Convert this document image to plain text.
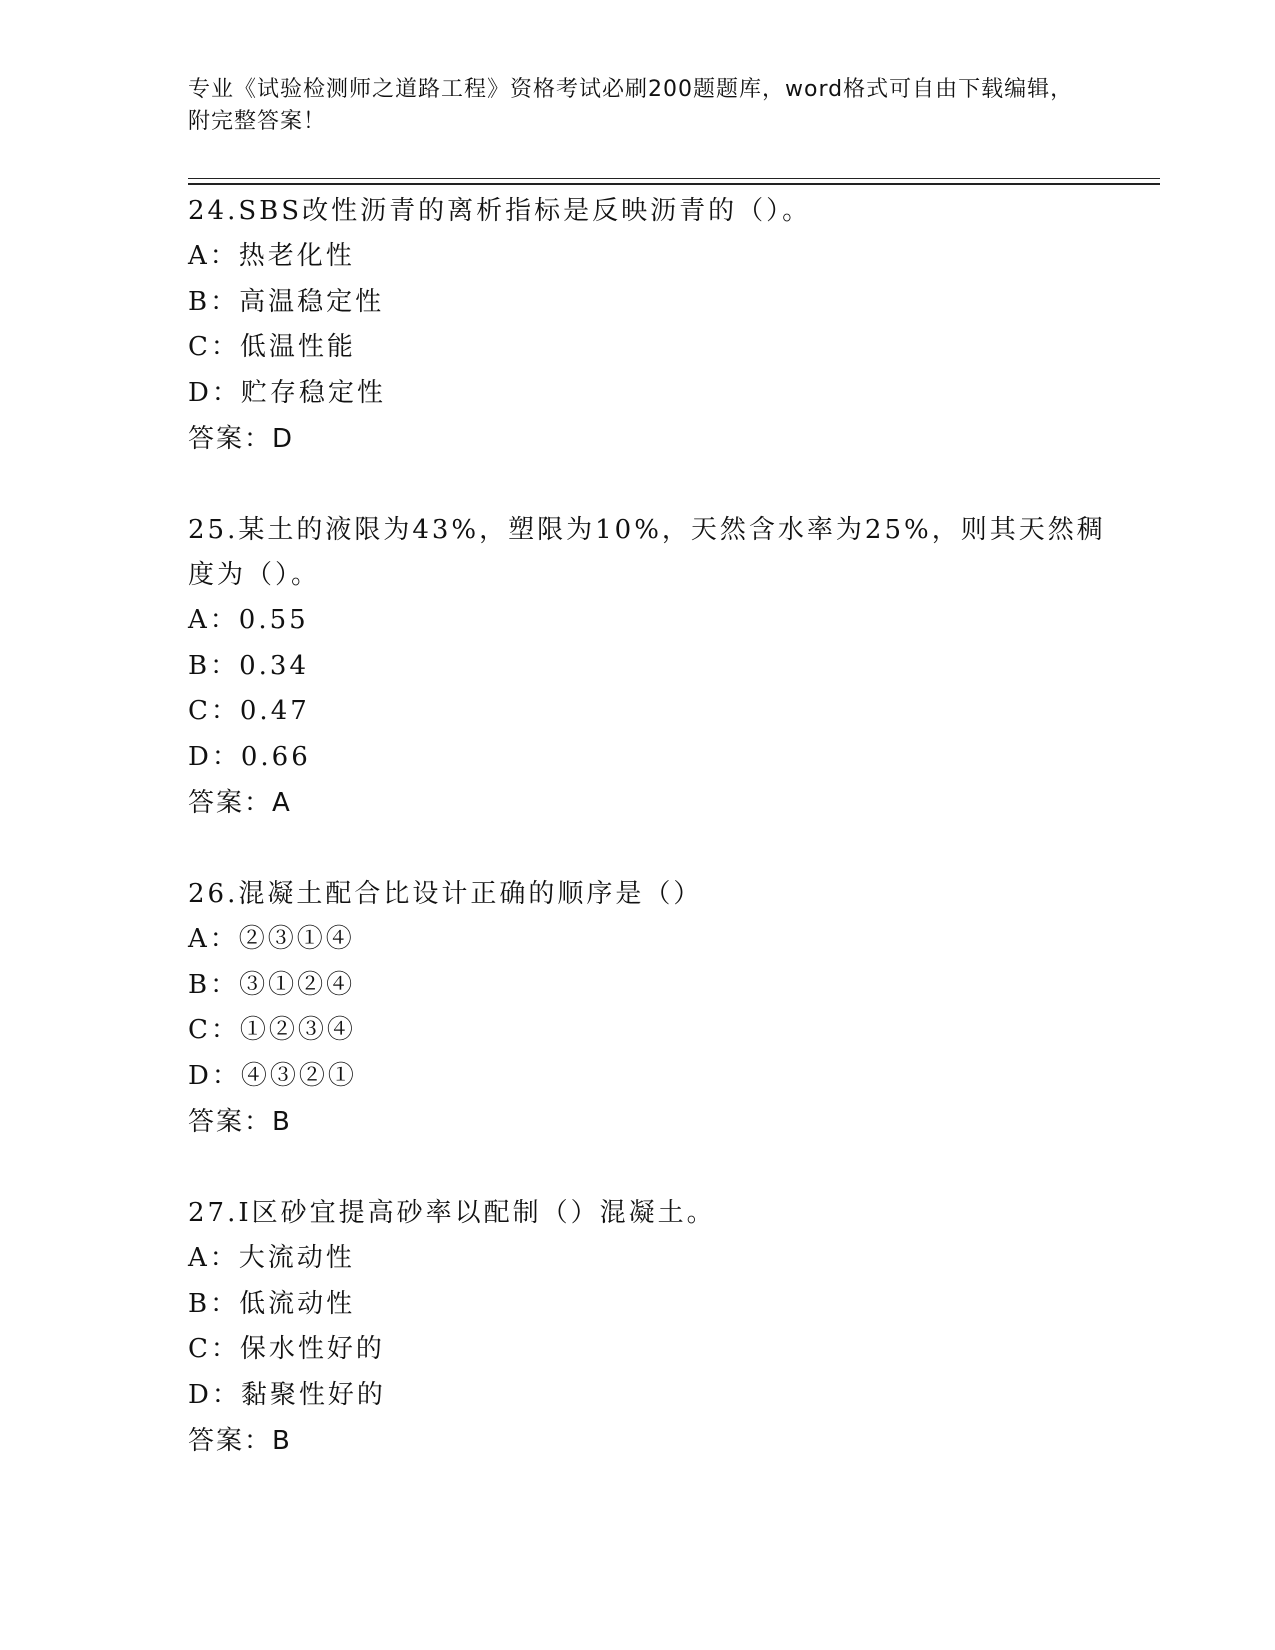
专业《试验检测师之道路工程》资格考试必刷200题题库，word格式可自由下载编辑，附完整答案！
24.SBS改性沥青的离析指标是反映沥青的（）。
A：热老化性
B：高温稳定性
C：低温性能
D：贮存稳定性
答案：D
25.某土的液限为43%，塑限为10%，天然含水率为25%，则其天然稠度为（）。
A：0.55
B：0.34
C：0.47
D：0.66
答案：A
26.混凝土配合比设计正确的顺序是（）
A：②③①④
B：③①②④
C：①②③④
D：④③②①
答案：B
27.Ⅰ区砂宜提高砂率以配制（）混凝土。
A：大流动性
B：低流动性
C：保水性好的
D：黏聚性好的
答案：B
